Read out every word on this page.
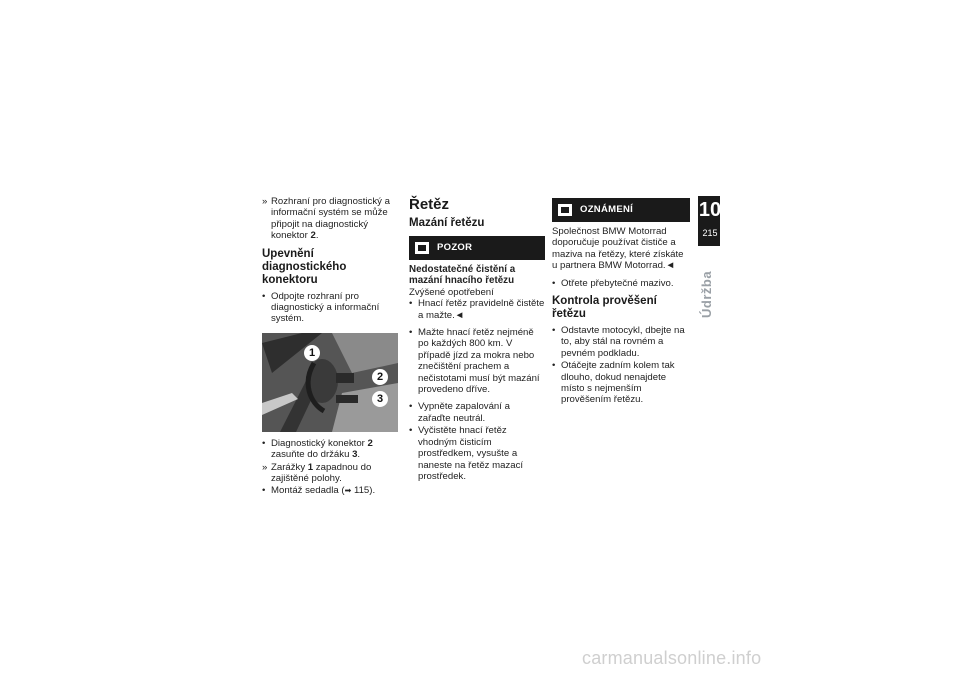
» Rozhraní pro diagnostický a informační systém se může připojit na diagnostický konektor 2.
Upevnění diagnostického konektoru
• Odpojte rozhraní pro diagnostický a informační systém.
1
2
3
• Diagnostický konektor 2 zasuňte do držáku 3.
» Zarážky 1 zapadnou do zajištěné polohy.
• Montáž sedadla (➡ 115).
Řetěz
Mazání řetězu
POZOR
Nedostatečné čistění a mazání hnacího řetězu
Zvýšené opotřebení
• Hnací řetěz pravidelně čistěte a mažte.◄
• Mažte hnací řetěz nejméně po každých 800 km. V případě jízd za mokra nebo znečištění prachem a nečistotami musí být mazání provedeno dříve.
• Vypněte zapalování a zařaďte neutrál.
• Vyčistěte hnací řetěz vhodným čisticím prostředkem, vysušte a naneste na řetěz mazací prostředek.
OZNÁMENÍ
Společnost BMW Motorrad doporučuje používat čističe a maziva na řetězy, které získáte u partnera BMW Motorrad.◄
• Otřete přebytečné mazivo.
Kontrola prověšení řetězu
• Odstavte motocykl, dbejte na to, aby stál na rovném a pevném podkladu.
• Otáčejte zadním kolem tak dlouho, dokud nenajdete místo s nejmenším prověšením řetězu.
10
215
Údržba
carmanualsonline.info
